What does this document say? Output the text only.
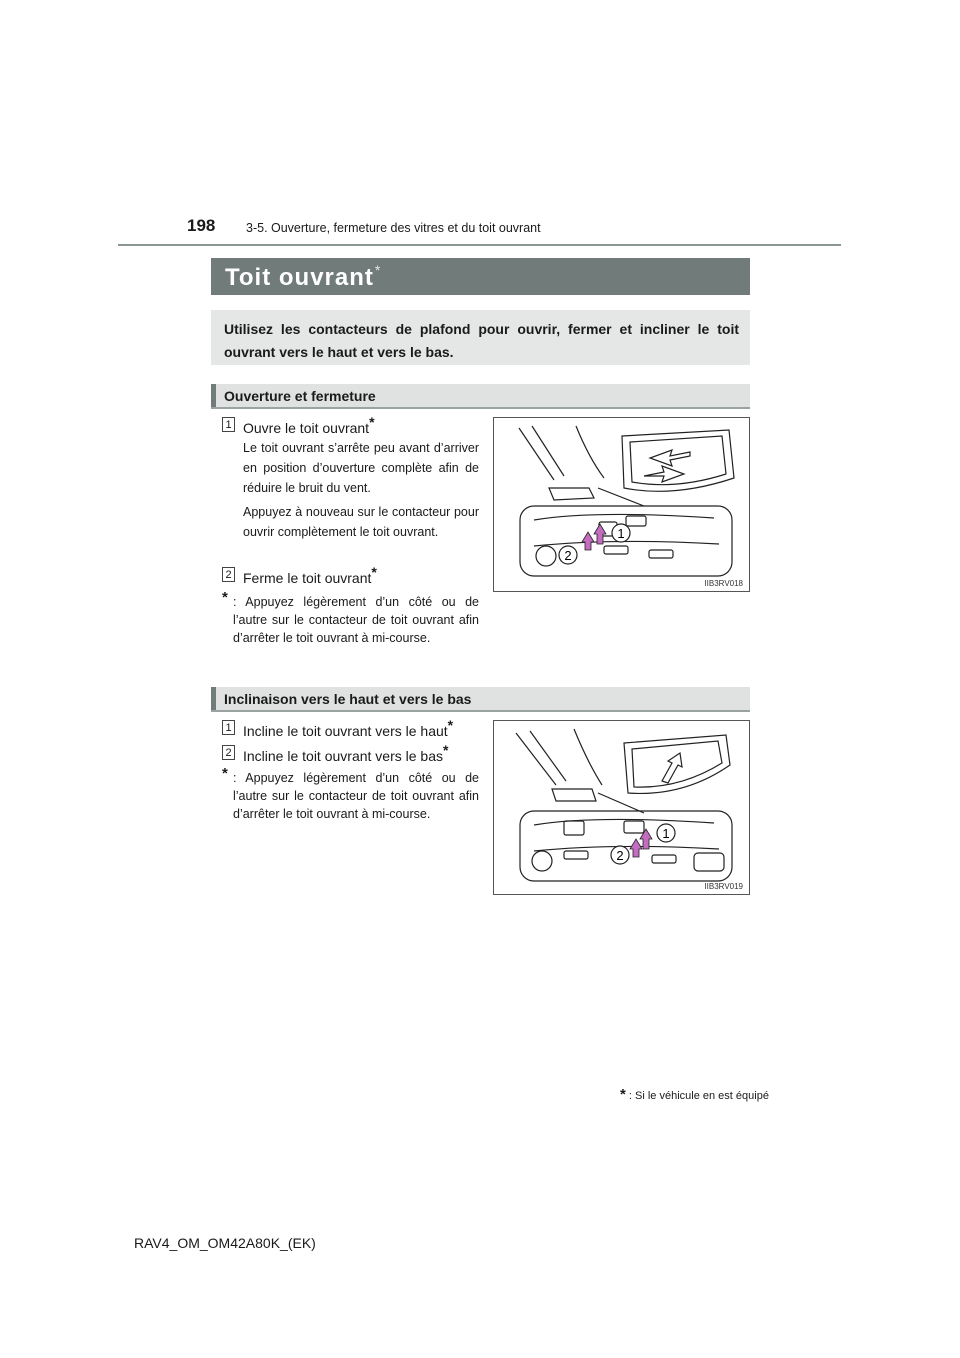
198 3-5. Ouverture, fermeture des vitres et du toit ouvrant
Toit ouvrant*
Utilisez les contacteurs de plafond pour ouvrir, fermer et incliner le toit ouvrant vers le haut et vers le bas.
Ouverture et fermeture
1 Ouvre le toit ouvrant*
Le toit ouvrant s’arrête peu avant d’arriver en position d’ouverture complète afin de réduire le bruit du vent.
Appuyez à nouveau sur le contacteur pour ouvrir complètement le toit ouvrant.
2 Ferme le toit ouvrant*
* : Appuyez légèrement d’un côté ou de l’autre sur le contacteur de toit ouvrant afin d’arrêter le toit ouvrant à mi-course.
1
2
IIB3RV018
Inclinaison vers le haut et vers le bas
1 Incline le toit ouvrant vers le haut*
2 Incline le toit ouvrant vers le bas*
* : Appuyez légèrement d’un côté ou de l’autre sur le contacteur de toit ouvrant afin d’arrêter le toit ouvrant à mi-course.
1
2
IIB3RV019
* : Si le véhicule en est équipé
RAV4_OM_OM42A80K_(EK)
